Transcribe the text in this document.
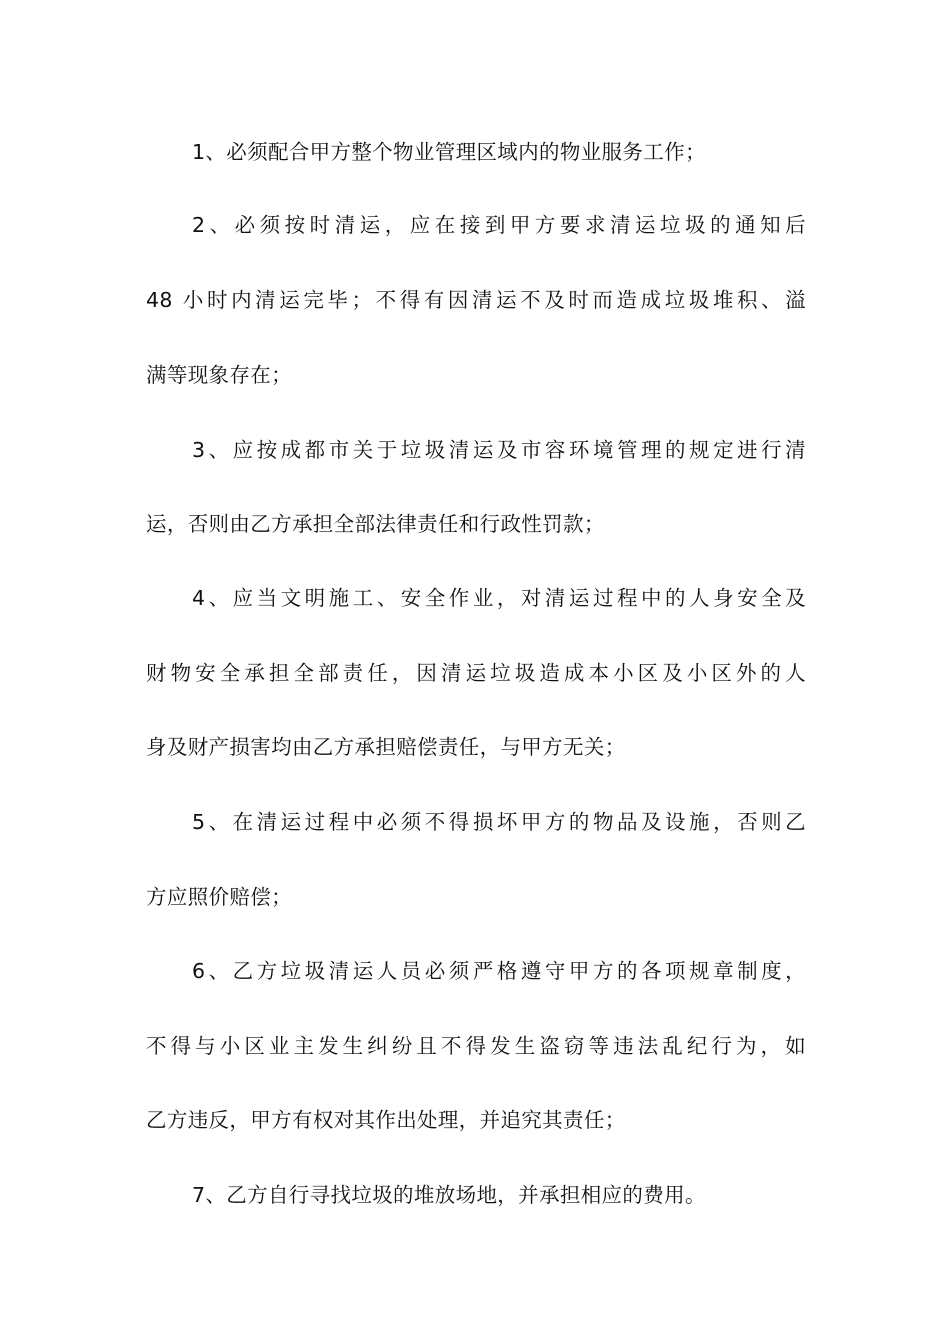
1、必须配合甲方整个物业管理区域内的物业服务工作；
2、必须按时清运，应在接到甲方要求清运垃圾的通知后
48 小时内清运完毕；不得有因清运不及时而造成垃圾堆积、溢
满等现象存在；
3、应按成都市关于垃圾清运及市容环境管理的规定进行清
运，否则由乙方承担全部法律责任和行政性罚款；
4、应当文明施工、安全作业，对清运过程中的人身安全及
财物安全承担全部责任，因清运垃圾造成本小区及小区外的人
身及财产损害均由乙方承担赔偿责任，与甲方无关；
5、在清运过程中必须不得损坏甲方的物品及设施，否则乙
方应照价赔偿；
6、乙方垃圾清运人员必须严格遵守甲方的各项规章制度，
不得与小区业主发生纠纷且不得发生盗窃等违法乱纪行为，如
乙方违反，甲方有权对其作出处理，并追究其责任；
7、乙方自行寻找垃圾的堆放场地，并承担相应的费用。
